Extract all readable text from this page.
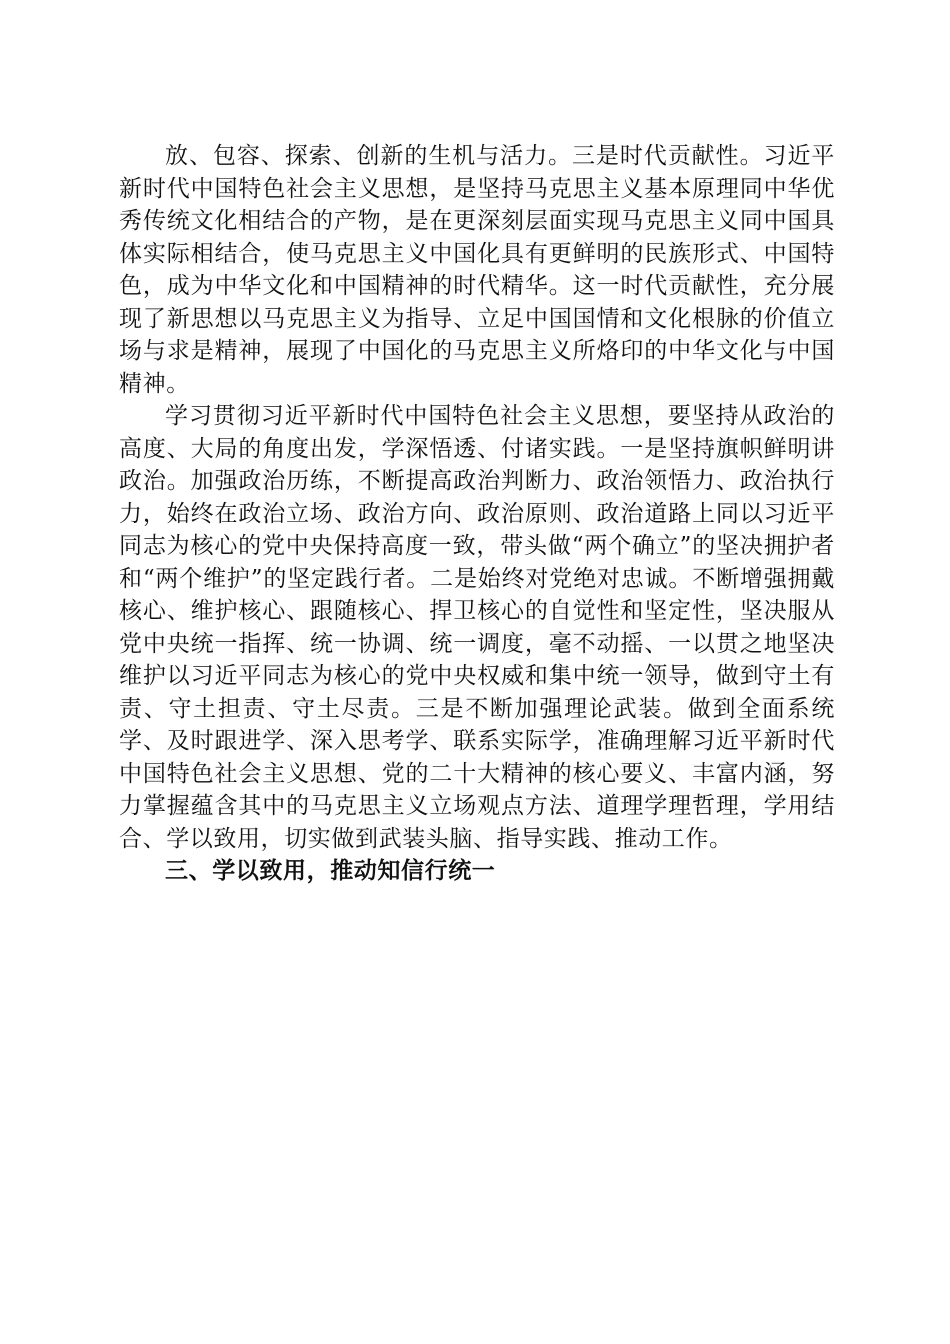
放、包容、探索、创新的生机与活力。三是时代贡献性。习近平新时代中国特色社会主义思想，是坚持马克思主义基本原理同中华优秀传统文化相结合的产物，是在更深刻层面实现马克思主义同中国具体实际相结合，使马克思主义中国化具有更鲜明的民族形式、中国特色，成为中华文化和中国精神的时代精华。这一时代贡献性，充分展现了新思想以马克思主义为指导、立足中国国情和文化根脉的价值立场与求是精神，展现了中国化的马克思主义所烙印的中华文化与中国精神。

学习贯彻习近平新时代中国特色社会主义思想，要坚持从政治的高度、大局的角度出发，学深悟透、付诸实践。一是坚持旗帜鲜明讲政治。加强政治历练，不断提高政治判断力、政治领悟力、政治执行力，始终在政治立场、政治方向、政治原则、政治道路上同以习近平同志为核心的党中央保持高度一致，带头做“两个确立”的坚决拥护者和“两个维护”的坚定践行者。二是始终对党绝对忠诚。不断增强拥戴核心、维护核心、跟随核心、捍卫核心的自觉性和坚定性，坚决服从党中央统一指挥、统一协调、统一调度，毫不动摇、一以贯之地坚决维护以习近平同志为核心的党中央权威和集中统一领导，做到守土有责、守土担责、守土尽责。三是不断加强理论武装。做到全面系统学、及时跟进学、深入思考学、联系实际学，准确理解习近平新时代中国特色社会主义思想、党的二十大精神的核心要义、丰富内涵，努力掌握蕴含其中的马克思主义立场观点方法、道理学理哲理，学用结合、学以致用，切实做到武装头脑、指导实践、推动工作。

三、学以致用，推动知信行统一
